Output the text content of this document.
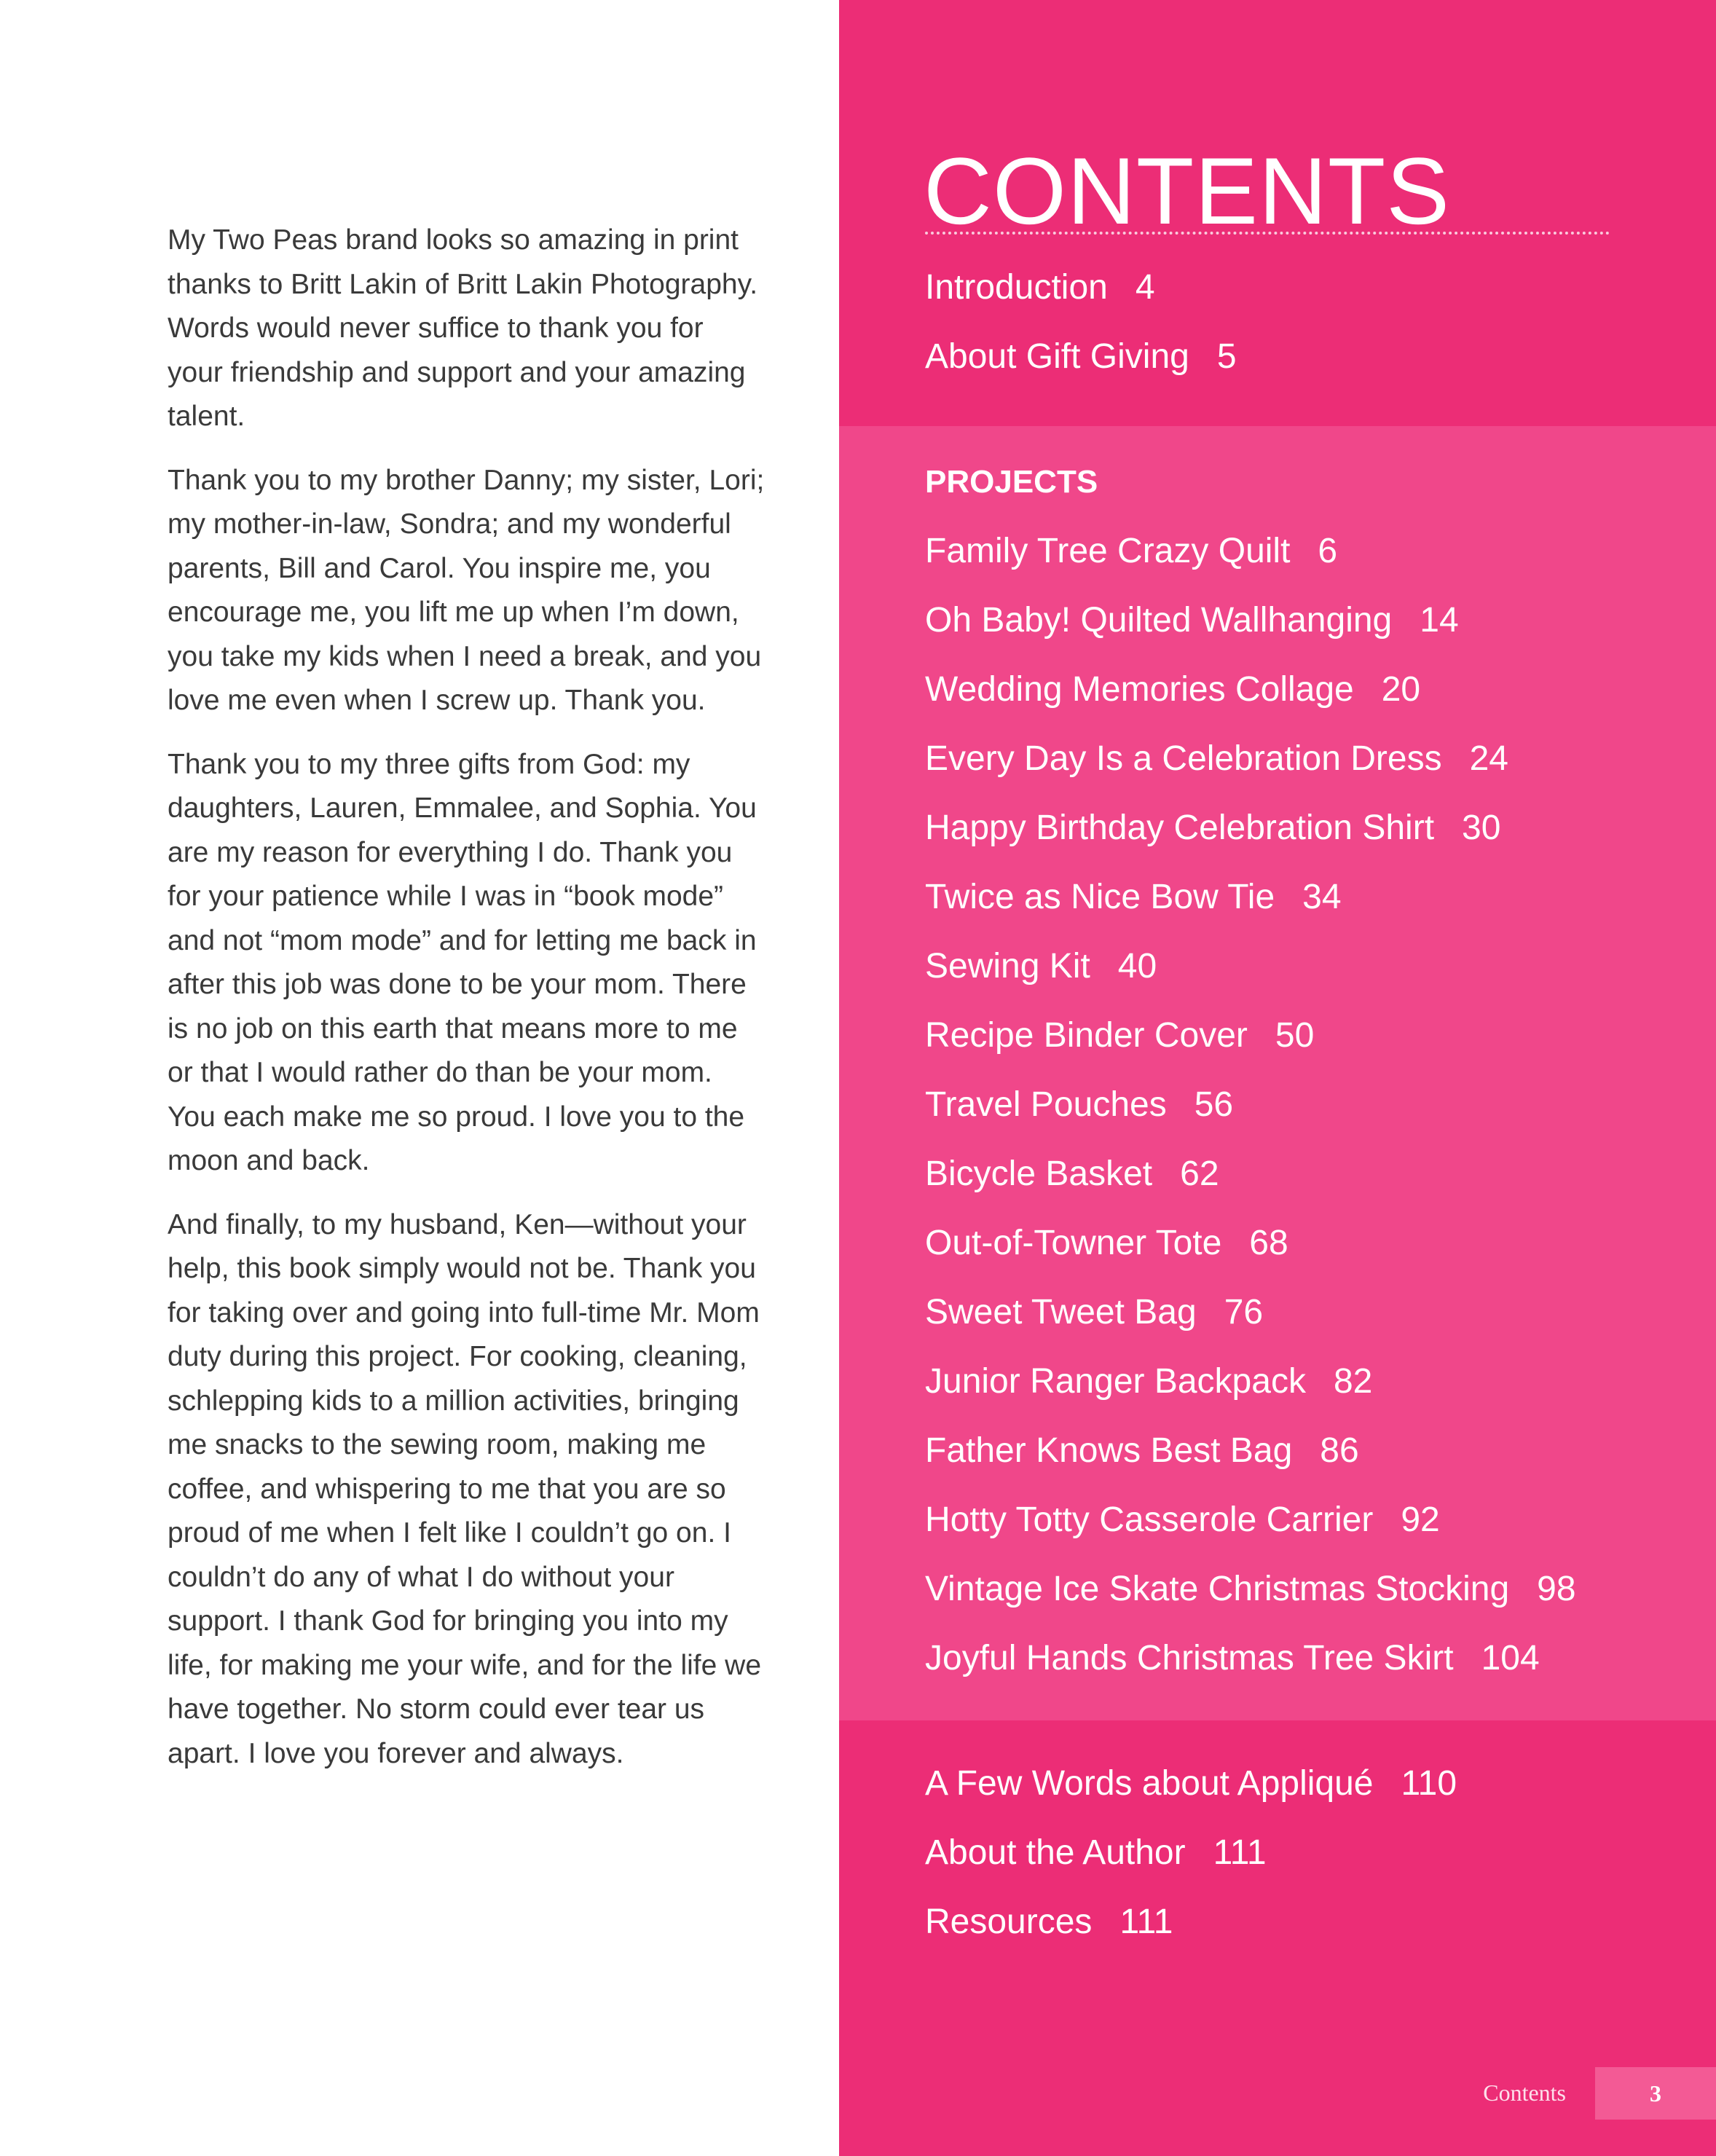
My Two Peas brand looks so amazing in print thanks to Britt Lakin of Britt Lakin Photography. Words would never suffice to thank you for your friendship and support and your amazing talent.

Thank you to my brother Danny; my sister, Lori; my mother-in-law, Sondra; and my wonderful parents, Bill and Carol. You inspire me, you encourage me, you lift me up when I’m down, you take my kids when I need a break, and you love me even when I screw up. Thank you.

Thank you to my three gifts from God: my daughters, Lauren, Emmalee, and Sophia. You are my reason for everything I do. Thank you for your patience while I was in “book mode” and not “mom mode” and for letting me back in after this job was done to be your mom. There is no job on this earth that means more to me or that I would rather do than be your mom. You each make me so proud. I love you to the moon and back.

And finally, to my husband, Ken—without your help, this book simply would not be. Thank you for taking over and going into full-time Mr. Mom duty during this project. For cooking, cleaning, schlepping kids to a million activities, bringing me snacks to the sewing room, making me coffee, and whispering to me that you are so proud of me when I felt like I couldn’t go on. I couldn’t do any of what I do without your support. I thank God for bringing you into my life, for making me your wife, and for the life we have together. No storm could ever tear us apart. I love you forever and always.

CONTENTS
Introduction 4
About Gift Giving 5
PROJECTS
Family Tree Crazy Quilt 6
Oh Baby! Quilted Wallhanging 14
Wedding Memories Collage 20
Every Day Is a Celebration Dress 24
Happy Birthday Celebration Shirt 30
Twice as Nice Bow Tie 34
Sewing Kit 40
Recipe Binder Cover 50
Travel Pouches 56
Bicycle Basket 62
Out-of-Towner Tote 68
Sweet Tweet Bag 76
Junior Ranger Backpack 82
Father Knows Best Bag 86
Hotty Totty Casserole Carrier 92
Vintage Ice Skate Christmas Stocking 98
Joyful Hands Christmas Tree Skirt 104
A Few Words about Appliqué 110
About the Author 111
Resources 111
Contents	3
